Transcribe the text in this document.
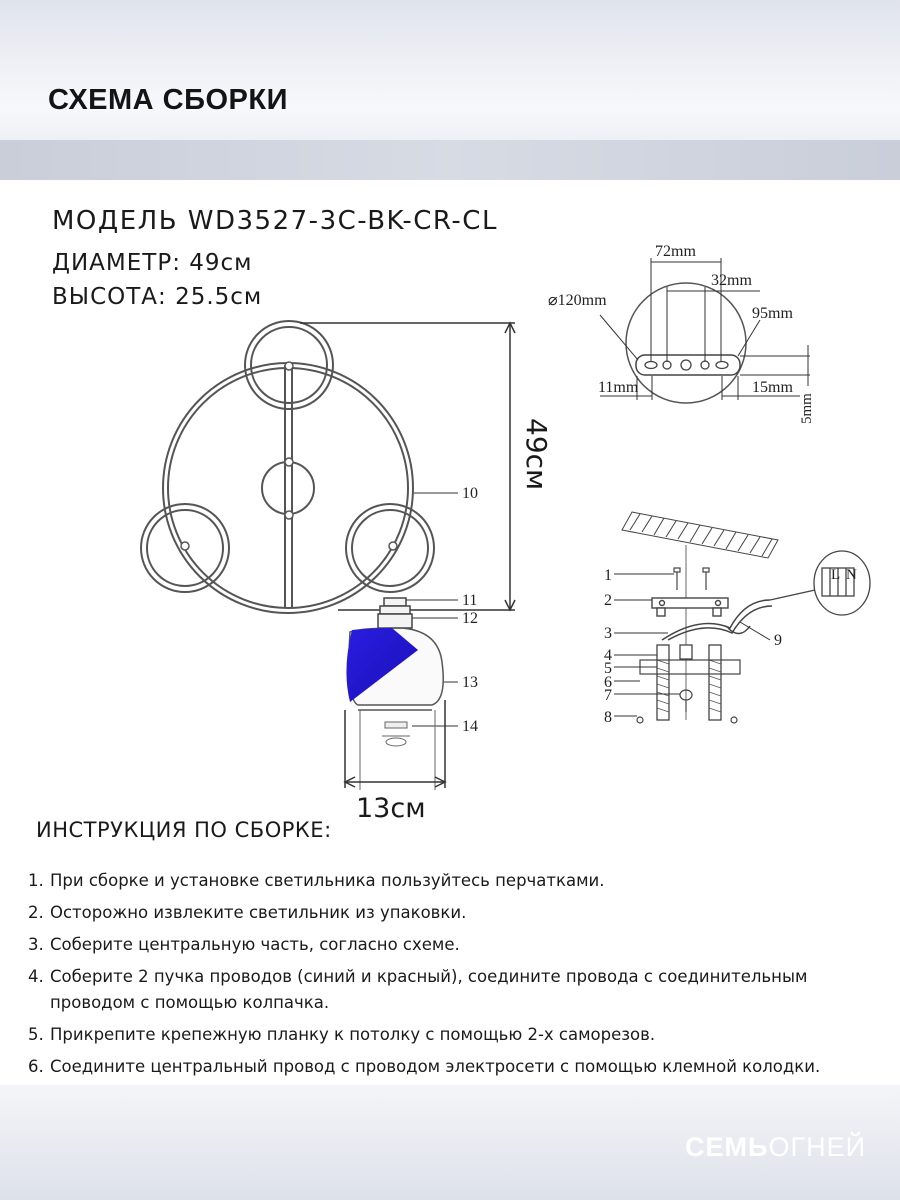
СХЕМА СБОРКИ
МОДЕЛЬ WD3527-3C-BK-CR-CL
ДИАМЕТР: 49см
ВЫСОТА: 25.5см
49см
10
11
12
13
14
13см
72mm
32mm
⌀120mm
95mm
11mm	15mm
5mm
L N
1
2
3
4
5
6
7
8
9
ИНСТРУКЦИЯ ПО СБОРКЕ:
1. При сборке и установке светильника пользуйтесь перчатками.
2. Осторожно извлеките светильник из упаковки.
3. Соберите центральную часть, согласно схеме.
4. Соберите 2 пучка проводов (синий и красный), соедините провода с соединительным
проводом с помощью колпачка.
5. Прикрепите крепежную планку к потолку с помощью 2-х саморезов.
6. Соедините центральный провод с проводом электросети с помощью клемной колодки.
СЕМЬОГНЕЙ
